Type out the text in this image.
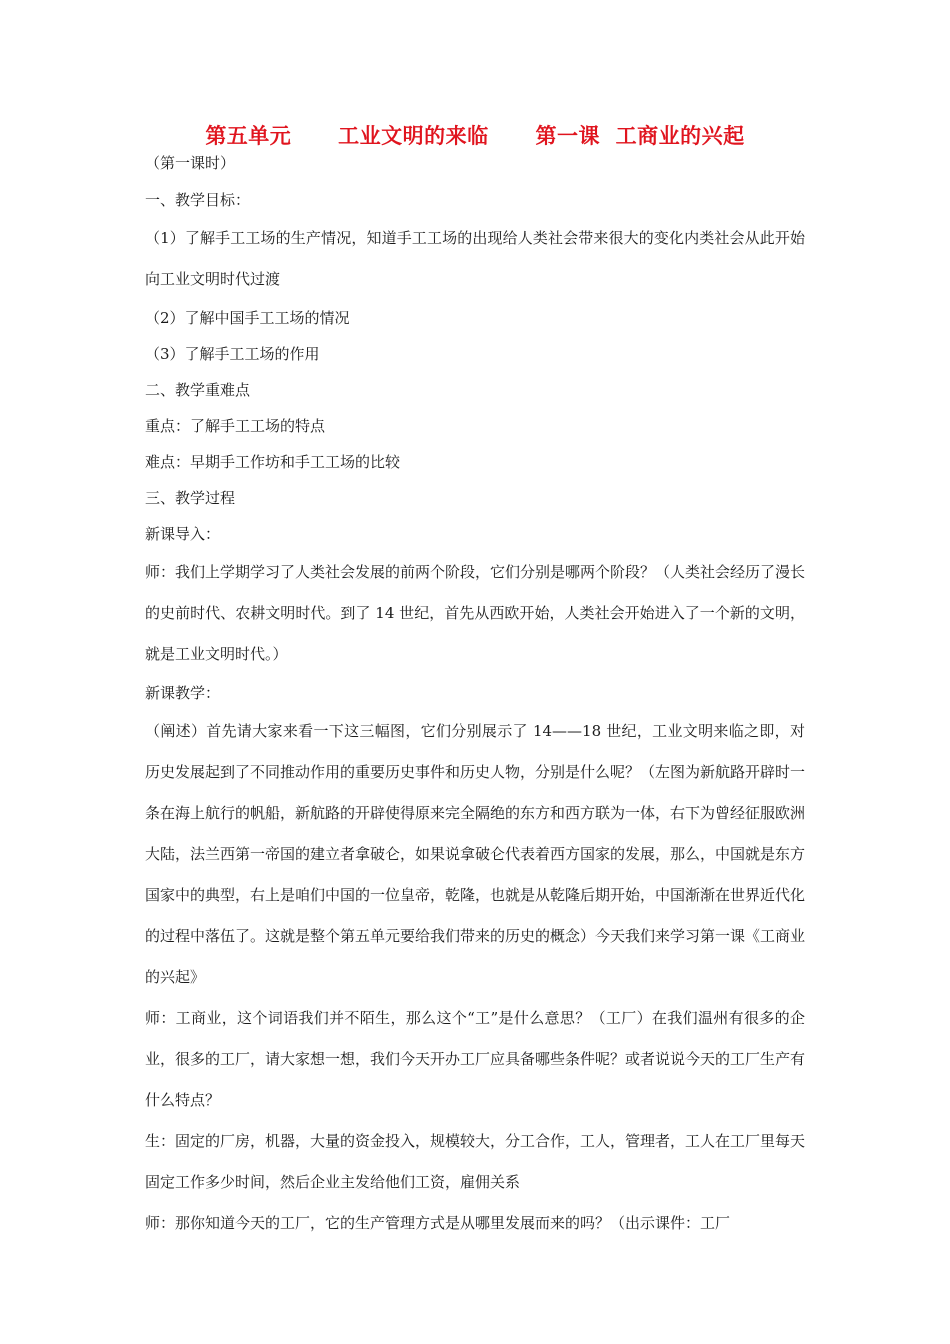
第五单元      工业文明的来临      第一课  工商业的兴起
（第一课时）

一、教学目标：

（1）了解手工工场的生产情况，知道手工工场的出现给人类社会带来很大的变化内类社会从此开始向工业文明时代过渡

（2）了解中国手工工场的情况

（3）了解手工工场的作用

二、教学重难点

重点：了解手工工场的特点

难点：早期手工作坊和手工工场的比较

三、教学过程

新课导入：

师：我们上学期学习了人类社会发展的前两个阶段，它们分别是哪两个阶段？（人类社会经历了漫长的史前时代、农耕文明时代。到了 14 世纪，首先从西欧开始，人类社会开始进入了一个新的文明，就是工业文明时代。）

新课教学：

（阐述）首先请大家来看一下这三幅图，它们分别展示了 14——18 世纪，工业文明来临之即，对历史发展起到了不同推动作用的重要历史事件和历史人物，分别是什么呢？（左图为新航路开辟时一条在海上航行的帆船，新航路的开辟使得原来完全隔绝的东方和西方联为一体，右下为曾经征服欧洲大陆，法兰西第一帝国的建立者拿破仑，如果说拿破仑代表着西方国家的发展，那么，中国就是东方国家中的典型，右上是咱们中国的一位皇帝，乾隆，也就是从乾隆后期开始，中国渐渐在世界近代化的过程中落伍了。这就是整个第五单元要给我们带来的历史的概念）今天我们来学习第一课《工商业的兴起》

师：工商业，这个词语我们并不陌生，那么这个“工”是什么意思？（工厂）在我们温州有很多的企业，很多的工厂，请大家想一想，我们今天开办工厂应具备哪些条件呢？或者说说今天的工厂生产有什么特点？

生：固定的厂房，机器，大量的资金投入，规模较大，分工合作，工人，管理者，工人在工厂里每天固定工作多少时间，然后企业主发给他们工资，雇佣关系

师：那你知道今天的工厂，它的生产管理方式是从哪里发展而来的吗？（出示课件：工厂
